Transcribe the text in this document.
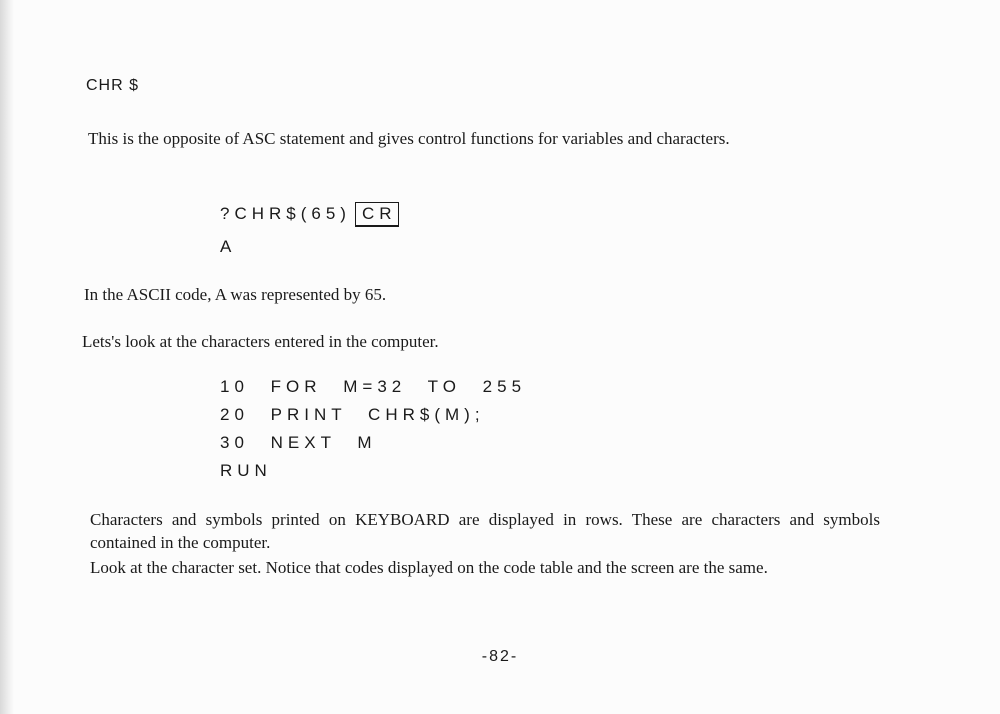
CHR $

This is the opposite of ASC statement and gives control functions for variables and characters.

?CHR$(65) CR
A

In the ASCII code, A was represented by 65.

Lets's look at the characters entered in the computer.

10 FOR M=32 TO 255
20 PRINT CHR$(M);
30 NEXT M
RUN

Characters and symbols printed on KEYBOARD are displayed in rows. These are characters and symbols contained in the computer.

Look at the character set. Notice that codes displayed on the code table and the screen are the same.

-82-
